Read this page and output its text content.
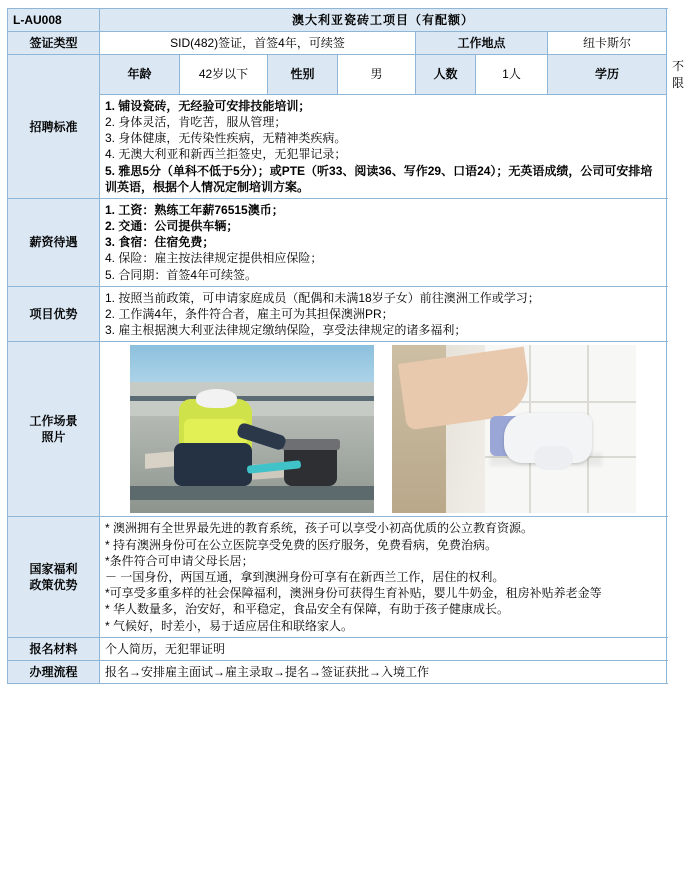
L-AU008	澳大利亚瓷砖工项目（有配额）							
签证类型	SID(482)签证，首签4年，可续签				工作地点		纽卡斯尔	
招聘标准	年龄	42岁以下	性别	男	人数	1人	学历	不限

	1. 铺设瓷砖，无经验可安排技能培训；
2. 身体灵活，肯吃苦，服从管理；
3. 身体健康，无传染性疾病，无精神类疾病。
4. 无澳大利亚和新西兰拒签史，无犯罪记录；
5. 雅思5分（单科不低于5分）；或PTE（听33、阅读36、写作29、口语24）；无英语成绩，公司可安排培训英语，根据个人情况定制培训方案。							

薪资待遇	1. 工资：熟练工年薪76515澳币；
2. 交通：公司提供车辆；
3. 食宿：住宿免费；
4. 保险：雇主按法律规定提供相应保险；
5. 合同期：首签4年可续签。							

项目优势	1. 按照当前政策，可申请家庭成员（配偶和未满18岁子女）前往澳洲工作或学习；
2. 工作满4年，条件符合者，雇主可为其担保澳洲PR；
3. 雇主根据澳大利亚法律规定缴纳保险，享受法律规定的诸多福利；							

工作场景
照片								

国家福利
政策优势

* 澳洲拥有全世界最先进的教育系统，孩子可以享受小初高优质的公立教育资源。
* 持有澳洲身份可在公立医院享受免费的医疗服务，免费看病，免费治病。
*条件符合可申请父母长居；
－ 一国身份，两国互通，拿到澳洲身份可享有在新西兰工作，居住的权利。
*可享受多重多样的社会保障福利，澳洲身份可获得生育补贴，婴儿牛奶金，租房补贴养老金等
* 华人数量多，治安好，和平稳定，食品安全有保障，有助于孩子健康成长。
* 气候好，时差小，易于适应居住和联络家人。

报名材料	个人简历，无犯罪证明							
办理流程	报名→安排雇主面试→雇主录取→提名→签证获批→入境工作							
